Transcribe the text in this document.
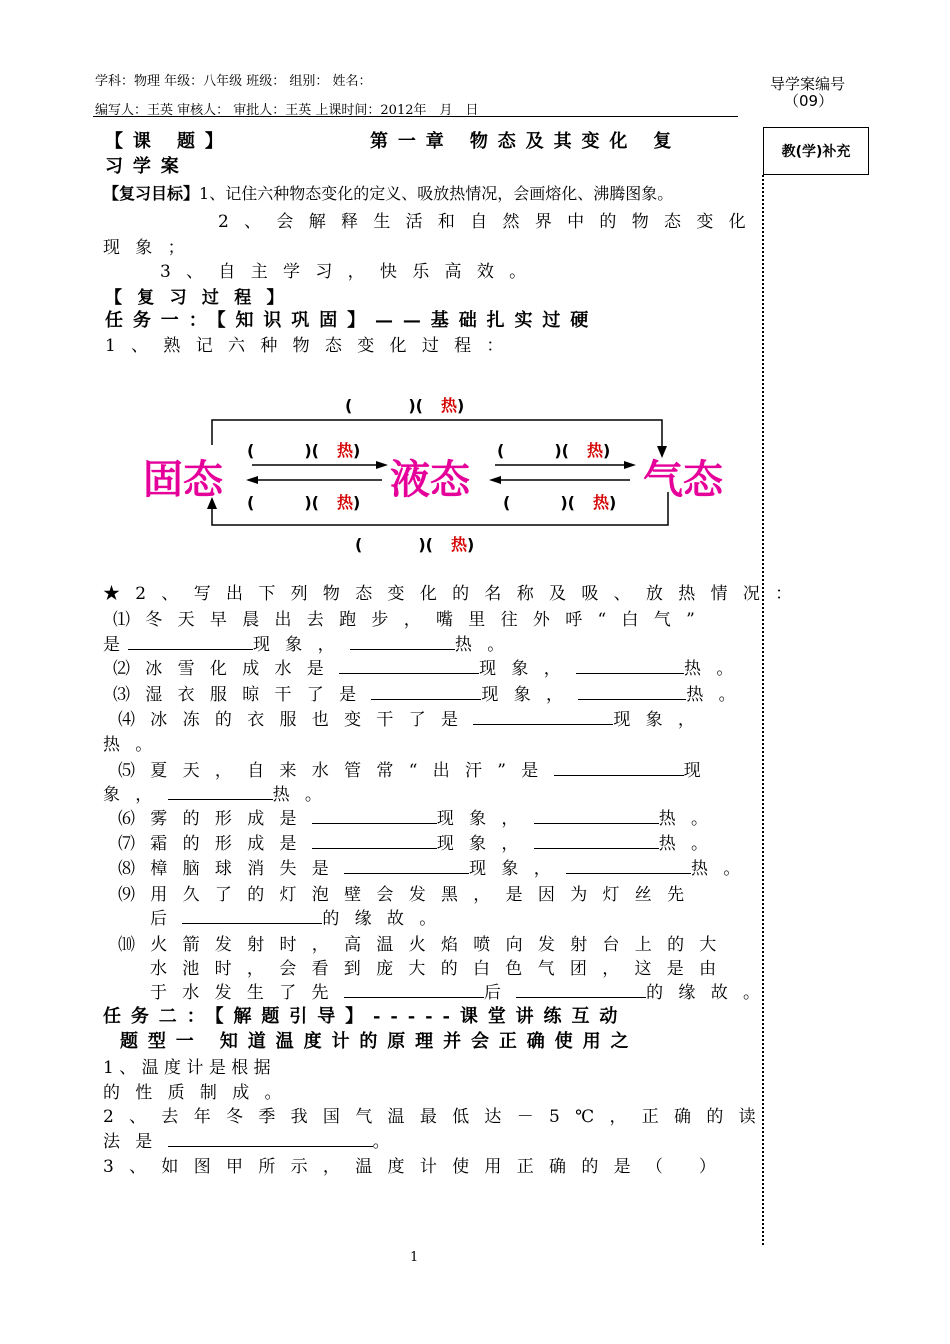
学科：物理 年级：八年级 班级： 组别： 姓名：
编写人：王英 审核人： 审批人：王英 上课时间：2012年__月__日
导学案编号
（09）
教(学)补充
【课 题】	第一章 物态及其变化 复
习学案
【复习目标】1、记住六种物态变化的定义、吸放热情况，会画熔化、沸腾图象。
2、会解释生活和自然界中的物态变化
现象；
3、自主学习，快乐高效。
【复习过程】
任务一：【知识巩固】——基础扎实过硬
1、熟记六种物态变化过程：
(	)( 热)
(	)( 热)	(	)( 热)
(	)( 热)	(	)( 热)
(	)( 热)
固态	液态	气态
★2、写出下列物态变化的名称及吸、放热情况：
⑴冬天早晨出去跑步，嘴里往外呼“白气”
是	现象，	热。
⑵冰雪化成水是	现象，	热。
⑶湿衣服晾干了是	现象，	热。
⑷冰冻的衣服也变干了是	现象，
热。
⑸夏天，自来水管常“出汗”是	现
象，	热。
⑹雾的形成是	现象，	热。
⑺霜的形成是	现象，	热。
⑻樟脑球消失是	现象，	热。
⑼用久了的灯泡壁会发黑，是因为灯丝先
后	的缘故。
⑽火箭发射时，高温火焰喷向发射台上的大
水池时，会看到庞大的白色气团，这是由
于水发生了先	后	的缘故。
任务二：【解题引导】-----课堂讲练互动
题型一 知道温度计的原理并会正确使用之
1 、 温 度 计 是 根 据
的性质制成。
2、去年冬季我国气温最低达－5℃，正确的读
法是	。
3、如图甲所示，温度计使用正确的是（ ）
1
